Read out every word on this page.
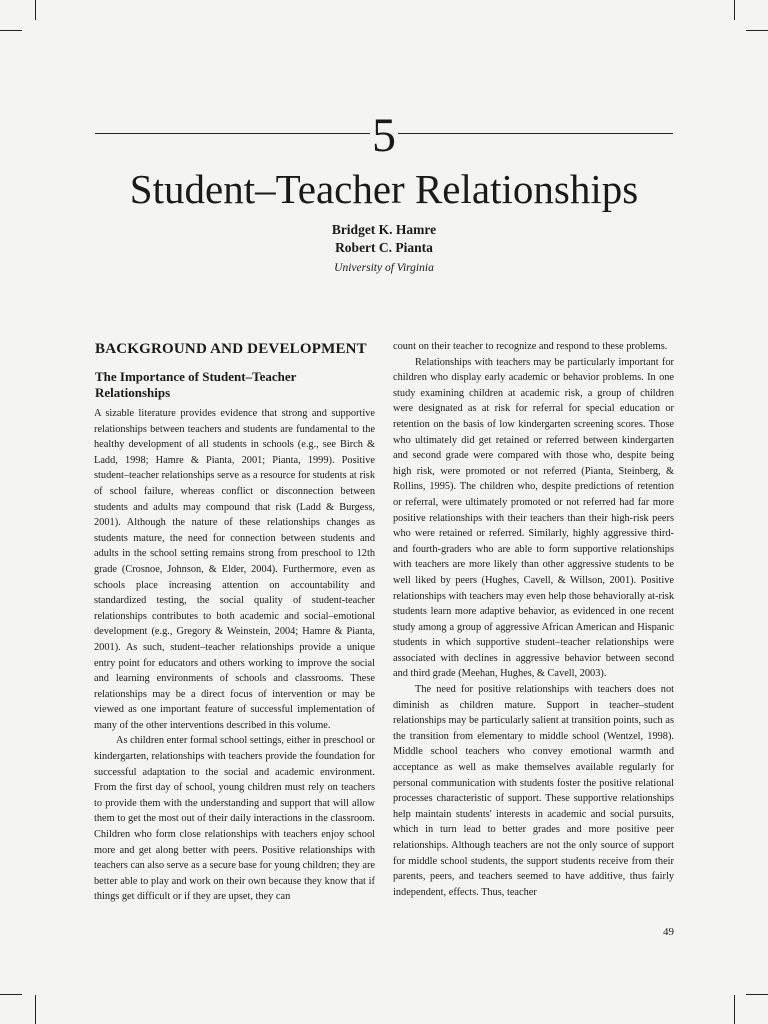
5
Student–Teacher Relationships
Bridget K. Hamre
Robert C. Pianta
University of Virginia
BACKGROUND AND DEVELOPMENT
The Importance of Student–Teacher Relationships

A sizable literature provides evidence that strong and supportive relationships between teachers and students are fundamental to the healthy development of all students in schools (e.g., see Birch & Ladd, 1998; Hamre & Pianta, 2001; Pianta, 1999). Positive student–teacher relationships serve as a resource for students at risk of school failure, whereas conflict or disconnection between students and adults may compound that risk (Ladd & Burgess, 2001). Although the nature of these relationships changes as students mature, the need for connection between students and adults in the school setting remains strong from preschool to 12th grade (Crosnoe, Johnson, & Elder, 2004). Furthermore, even as schools place increasing attention on accountability and standardized testing, the social quality of student-teacher relationships contributes to both academic and social–emotional development (e.g., Gregory & Weinstein, 2004; Hamre & Pianta, 2001). As such, student–teacher relationships provide a unique entry point for educators and others working to improve the social and learning environments of schools and classrooms. These relationships may be a direct focus of intervention or may be viewed as one important feature of successful implementation of many of the other interventions described in this volume.

As children enter formal school settings, either in preschool or kindergarten, relationships with teachers provide the foundation for successful adaptation to the social and academic environment. From the first day of school, young children must rely on teachers to provide them with the understanding and support that will allow them to get the most out of their daily interactions in the classroom. Children who form close relationships with teachers enjoy school more and get along better with peers. Positive relationships with teachers can also serve as a secure base for young children; they are better able to play and work on their own because they know that if things get difficult or if they are upset, they can

count on their teacher to recognize and respond to these problems.

Relationships with teachers may be particularly important for children who display early academic or behavior problems. In one study examining children at academic risk, a group of children were designated as at risk for referral for special education or retention on the basis of low kindergarten screening scores. Those who ultimately did get retained or referred between kindergarten and second grade were compared with those who, despite being high risk, were promoted or not referred (Pianta, Steinberg, & Rollins, 1995). The children who, despite predictions of retention or referral, were ultimately promoted or not referred had far more positive relationships with their teachers than their high-risk peers who were retained or referred. Similarly, highly aggressive third- and fourth-graders who are able to form supportive relationships with teachers are more likely than other aggressive students to be well liked by peers (Hughes, Cavell, & Willson, 2001). Positive relationships with teachers may even help those behaviorally at-risk students learn more adaptive behavior, as evidenced in one recent study among a group of aggressive African American and Hispanic students in which supportive student–teacher relationships were associated with declines in aggressive behavior between second and third grade (Meehan, Hughes, & Cavell, 2003).

The need for positive relationships with teachers does not diminish as children mature. Support in teacher–student relationships may be particularly salient at transition points, such as the transition from elementary to middle school (Wentzel, 1998). Middle school teachers who convey emotional warmth and acceptance as well as make themselves available regularly for personal communication with students foster the positive relational processes characteristic of support. These supportive relationships help maintain students' interests in academic and social pursuits, which in turn lead to better grades and more positive peer relationships. Although teachers are not the only source of support for middle school students, the support students receive from their parents, peers, and teachers seemed to have additive, thus fairly independent, effects. Thus, teacher

49
